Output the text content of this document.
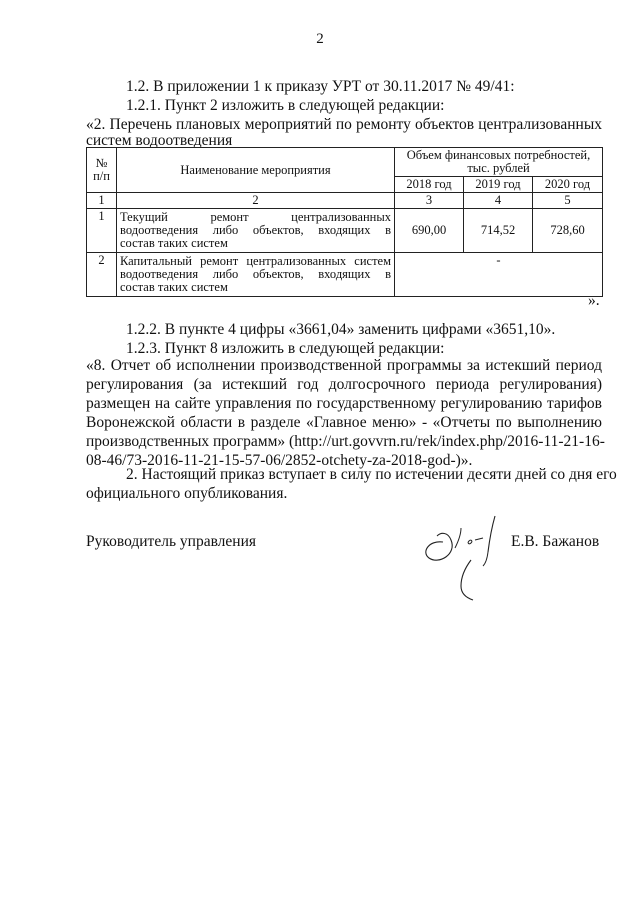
2
1.2. В приложении 1 к приказу УРТ от 30.11.2017 № 49/41:
1.2.1. Пункт 2 изложить в следующей редакции:
«2. Перечень плановых мероприятий по ремонту объектов централизованных
систем водоотведения
№ п/п	Наименование мероприятия	Объем финансовых потребностей, тыс. рублей		
		2018 год	2019 год	2020 год
1	2	3	4	5
1	Текущий ремонт централизованных
водоотведения либо объектов, входящих в
состав таких систем	690,00	714,52	728,60
2	Капитальный ремонт централизованных систем
водоотведения либо объектов, входящих в
состав таких систем	-		
».
1.2.2. В пункте 4 цифры «3661,04» заменить цифрами «3651,10».
1.2.3. Пункт 8 изложить в следующей редакции:
«8. Отчет об исполнении производственной программы за истекший период
регулирования (за истекший год долгосрочного периода регулирования)
размещен на сайте управления по государственному регулированию тарифов
Воронежской области в разделе «Главное меню» - «Отчеты по выполнению
производственных программ» (http://urt.govvrn.ru/rek/index.php/2016-11-21-16-
08-46/73-2016-11-21-15-57-06/2852-otchety-za-2018-god-)».
2. Настоящий приказ вступает в силу по истечении десяти дней со дня его
официального опубликования.
Руководитель управления	Е.В. Бажанов
